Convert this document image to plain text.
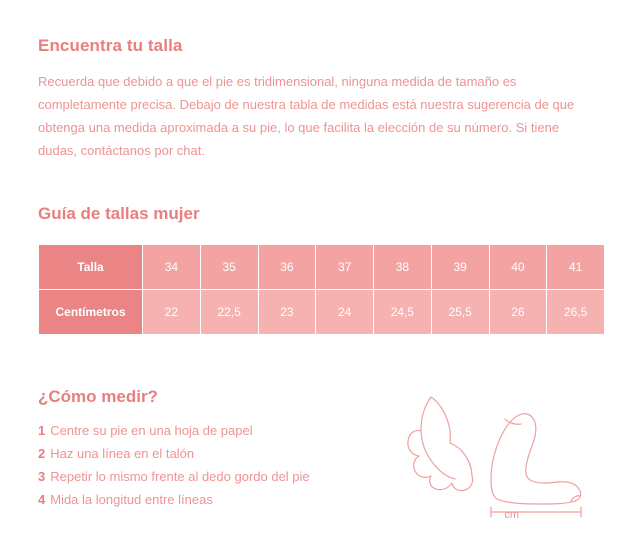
Encuentra tu talla

Recuerda que debido a que el pie es tridimensional, ninguna medida de tamaño es completamente precisa. Debajo de nuestra tabla de medidas está nuestra sugerencia de que obtenga una medida aproximada a su pie, lo que facilita la elección de su número. Si tiene dudas, contáctanos por chat.

Guía de tallas mujer
Talla	34	35	36	37	38	39	40	41
Centímetros	22	22,5	23	24	24,5	25,5	26	26,5
¿Cómo medir?
1 Centre su pie en una hoja de papel
2 Haz una línea en el talón
3 Repetir lo mismo frente al dedo gordo del pie
4 Mida la longitud entre líneas
cm
